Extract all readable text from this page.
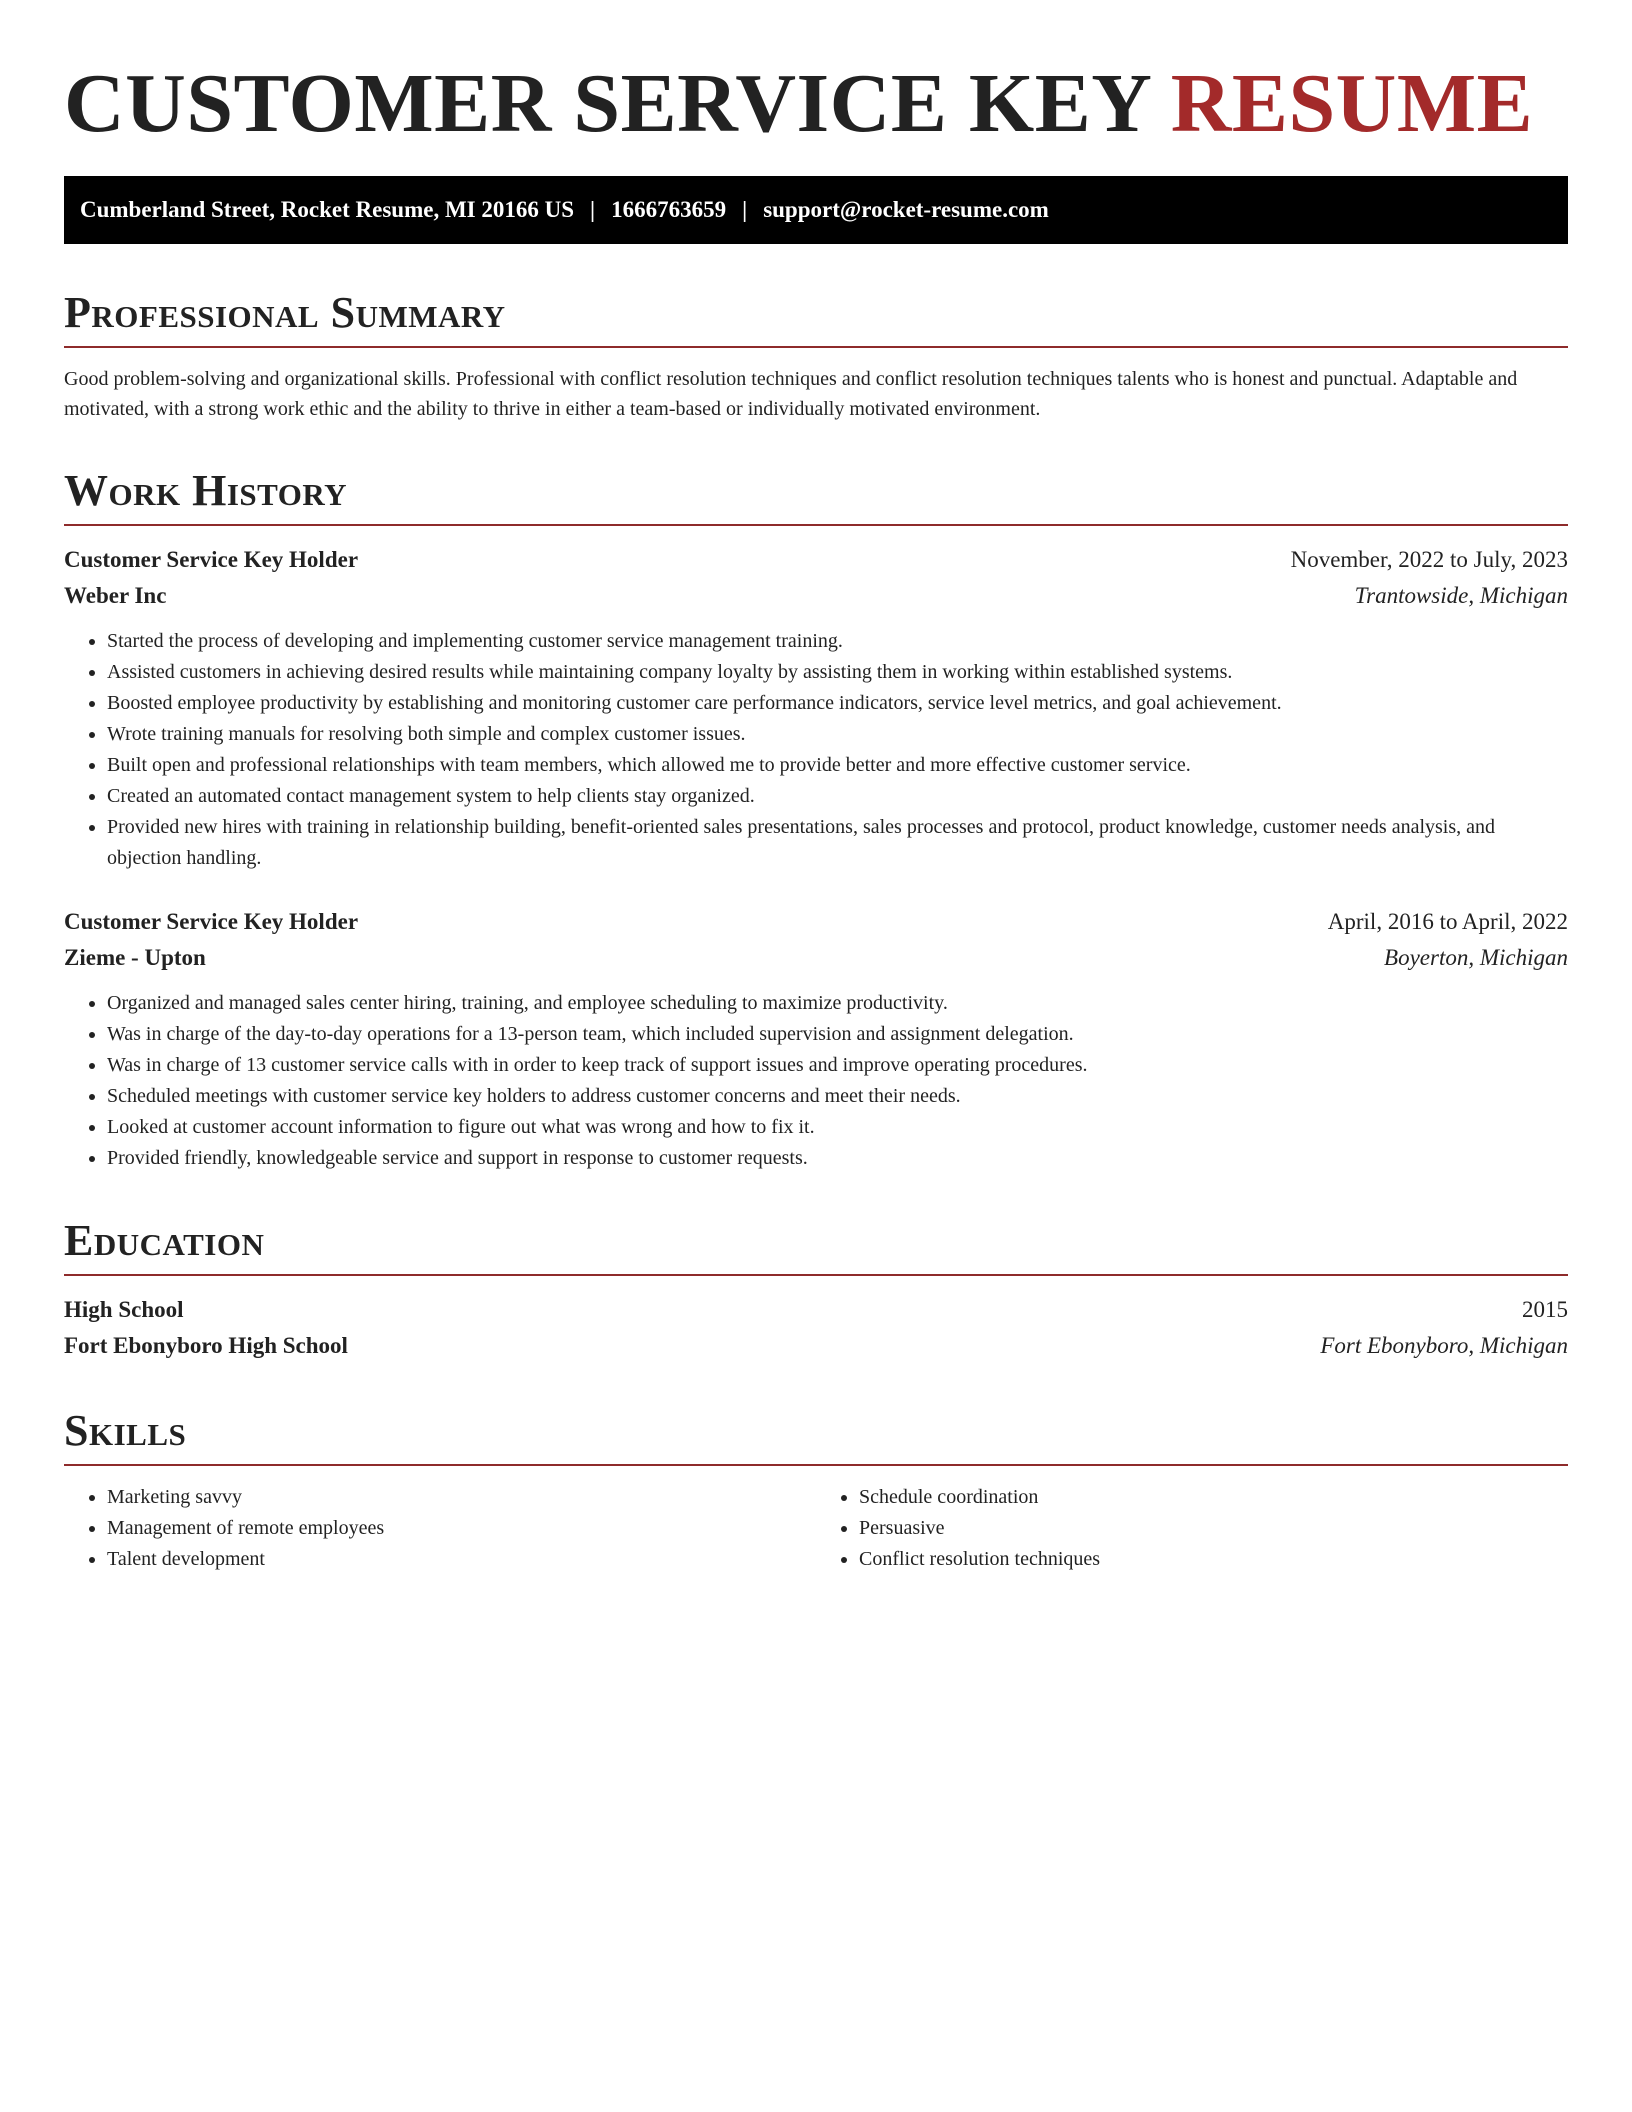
CUSTOMER SERVICE KEY RESUME
Cumberland Street, Rocket Resume, MI 20166 US | 1666763659 | support@rocket-resume.com
Professional Summary

Good problem-solving and organizational skills. Professional with conflict resolution techniques and conflict resolution techniques talents who is honest and punctual. Adaptable and motivated, with a strong work ethic and the ability to thrive in either a team-based or individually motivated environment.

Work History
Customer Service Key Holder	November, 2022 to July, 2023
Weber Inc	Trantowside, Michigan
• Started the process of developing and implementing customer service management training.
• Assisted customers in achieving desired results while maintaining company loyalty by assisting them in working within established systems.
• Boosted employee productivity by establishing and monitoring customer care performance indicators, service level metrics, and goal achievement.
• Wrote training manuals for resolving both simple and complex customer issues.
• Built open and professional relationships with team members, which allowed me to provide better and more effective customer service.
• Created an automated contact management system to help clients stay organized.
• Provided new hires with training in relationship building, benefit-oriented sales presentations, sales processes and protocol, product knowledge, customer needs analysis, and objection handling.
Customer Service Key Holder	April, 2016 to April, 2022
Zieme - Upton	Boyerton, Michigan
• Organized and managed sales center hiring, training, and employee scheduling to maximize productivity.
• Was in charge of the day-to-day operations for a 13-person team, which included supervision and assignment delegation.
• Was in charge of 13 customer service calls with in order to keep track of support issues and improve operating procedures.
• Scheduled meetings with customer service key holders to address customer concerns and meet their needs.
• Looked at customer account information to figure out what was wrong and how to fix it.
• Provided friendly, knowledgeable service and support in response to customer requests.
Education
High School	2015
Fort Ebonyboro High School	Fort Ebonyboro, Michigan
Skills
• Marketing savvy
• Management of remote employees
• Talent development
• Schedule coordination
• Persuasive
• Conflict resolution techniques
